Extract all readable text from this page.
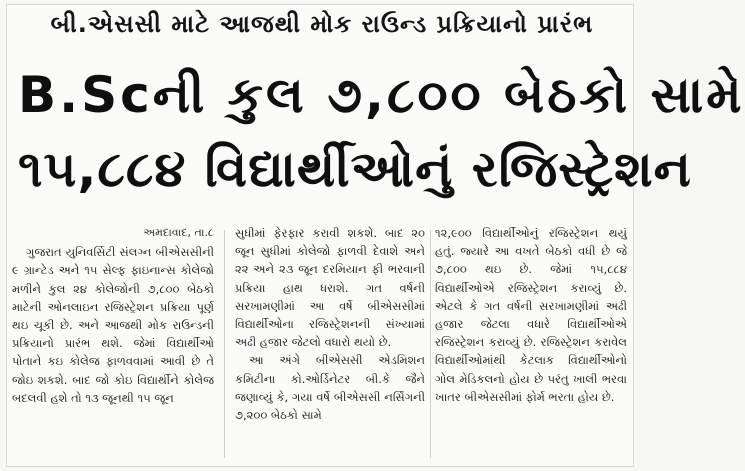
બી.એસસી માટે આજથી મોક રાઉન્ડ પ્રક્રિયાનો પ્રારંભ
B.Scની કુલ ૭,૮૦૦ બેઠકો સામે
૧૫,૮૮૪ વિદ્યાર્થીઓનું રજિસ્ટ્રેશન
અમદાવાદ, તા.૮

ગુજરાત યુનિવર્સિટી સંલગ્ન બીએસસીની ૯ ગ્રાન્ટેડ અને ૧૫ સેલ્ફ ફાઇનાન્સ કોલેજો મળીને કુલ ૨૪ કોલેજોની ૭,૮૦૦ બેઠકો માટેની ઓનલાઇન રજિસ્ટ્રેશન પ્રક્રિયા પૂર્ણ થઇ ચૂકી છે. અને આજથી મોક રાઉન્ડની પ્રક્રિયાનો પ્રારંભ થશે. જેમાં વિદ્યાર્થીઓ પોતાને કઇ કોલેજ ફાળવવામાં આવી છે તે જોઇ શકશે. બાદ જો કોઇ વિદ્યાર્થીને કોલેજ બદલવી હશે તો ૧૩ જૂનથી ૧૫ જૂન

સુધીમાં ફેરફાર કરાવી શકશે. બાદ ૨૦ જૂન સુધીમાં કોલેજો ફાળવી દેવાશે અને ૨૨ અને ૨૩ જૂન દરમિયાન ફી ભરવાની પ્રક્રિયા હાથ ધરાશે. ગત વર્ષની સરખામણીમાં આ વર્ષે બીએસસીમાં વિદ્યાર્થીઓના રજિસ્ટ્રેશનની સંખ્યામાં અઢી હજાર જેટલો વધારો થયો છે.

આ અંગે બીએસસી એડમિશન કમિટીના કો.ઓર્ડિનેટર બી.કે જૈને જણાવ્યું કે, ગયા વર્ષે બીએસસી નર્સિંગની ૭,૨૦૦ બેઠકો સામે

૧૨,૯૦૦ વિદ્યાર્થીઓનું રજિસ્ટ્રેશન થયું હતું. જ્યારે આ વખતે બેઠકો વધી છે જે ૭,૮૦૦ થઇ છે. જેમાં ૧૫,૮૮૪ વિદ્યાર્થીઓએ રજિસ્ટ્રેશન કરાવ્યું છે. એટલે કે ગત વર્ષની સરખામણીમાં અઢી હજાર જેટલા વધારે વિદ્યાર્થીઓએ રજિસ્ટ્રેશન કરાવ્યું છે. રજિસ્ટ્રેશન કરાવેલ વિદ્યાર્થીઓમાંથી કેટલાક વિદ્યાર્થીઓનો ગોલ મેડિકલનો હોય છે પરંતુ ખાલી ભરવા ખાતર બીએસસીમાં ફોર્મ ભરતા હોય છે.
